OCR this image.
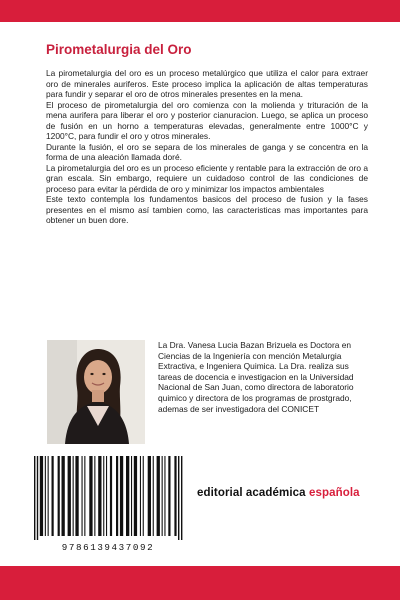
Pirometalurgia del Oro

La pirometalurgia del oro es un proceso metalúrgico que utiliza el calor para extraer oro de minerales auriferos. Este proceso implica la aplicación de altas temperaturas para fundir y separar el oro de otros minerales presentes en la mena.

El proceso de pirometalurgia del oro comienza con la molienda y trituración de la mena aurifera para liberar el oro y posterior cianuracion. Luego, se aplica un proceso de fusión en un horno a temperaturas elevadas, generalmente entre 1000°C y 1200°C, para fundir el oro y otros minerales.

Durante la fusión, el oro se separa de los minerales de ganga y se concentra en la forma de una aleación llamada doré.

La pirometalurgia del oro es un proceso eficiente y rentable para la extracción de oro a gran escala. Sin embargo, requiere un cuidadoso control de las condiciones de proceso para evitar la pérdida de oro y minimizar los impactos ambientales

Este texto contempla los fundamentos basicos del proceso de fusion y la fases presentes en el mismo así tambien como, las caracteristicas mas importantes para obtener un buen dore.

La Dra. Vanesa Lucia Bazan Brizuela es Doctora en Ciencias de la Ingeniería con mención Metalurgia Extractiva, e Ingeniera Quimica. La Dra. realiza sus tareas de docencia e investigacion en la Universidad Nacional de San Juan, como directora de laboratorio quimico y directora de los programas de prostgrado, ademas de ser investigadora del CONICET
9786139437092
editorial académica española
